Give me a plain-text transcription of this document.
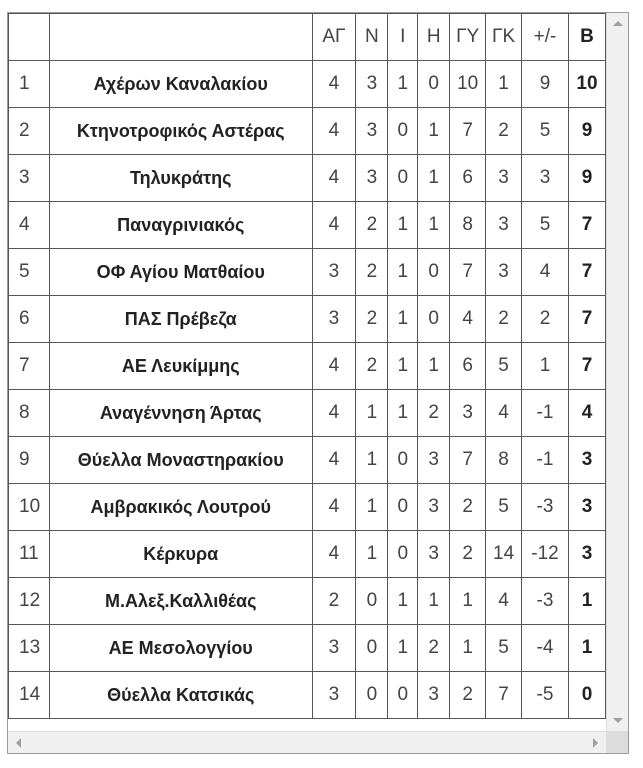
		ΑΓ	Ν	Ι	Η	ΓΥ	ΓΚ	+/-	Β
1	Αχέρων Καναλακίου	4	3	1	0	10	1	9	10
2	Κτηνοτροφικός Αστέρας	4	3	0	1	7	2	5	9
3	Τηλυκράτης	4	3	0	1	6	3	3	9
4	Παναγρινιακός	4	2	1	1	8	3	5	7
5	ΟΦ Αγίου Ματθαίου	3	2	1	0	7	3	4	7
6	ΠΑΣ Πρέβεζα	3	2	1	0	4	2	2	7
7	ΑΕ Λευκίμμης	4	2	1	1	6	5	1	7
8	Αναγέννηση Άρτας	4	1	1	2	3	4	-1	4
9	Θύελλα Μοναστηρακίου	4	1	0	3	7	8	-1	3
10	Αμβρακικός Λουτρού	4	1	0	3	2	5	-3	3
11	Κέρκυρα	4	1	0	3	2	14	-12	3
12	Μ.Αλεξ.Καλλιθέας	2	0	1	1	1	4	-3	1
13	ΑΕ Μεσολογγίου	3	0	1	2	1	5	-4	1
14	Θύελλα Κατσικάς	3	0	0	3	2	7	-5	0
